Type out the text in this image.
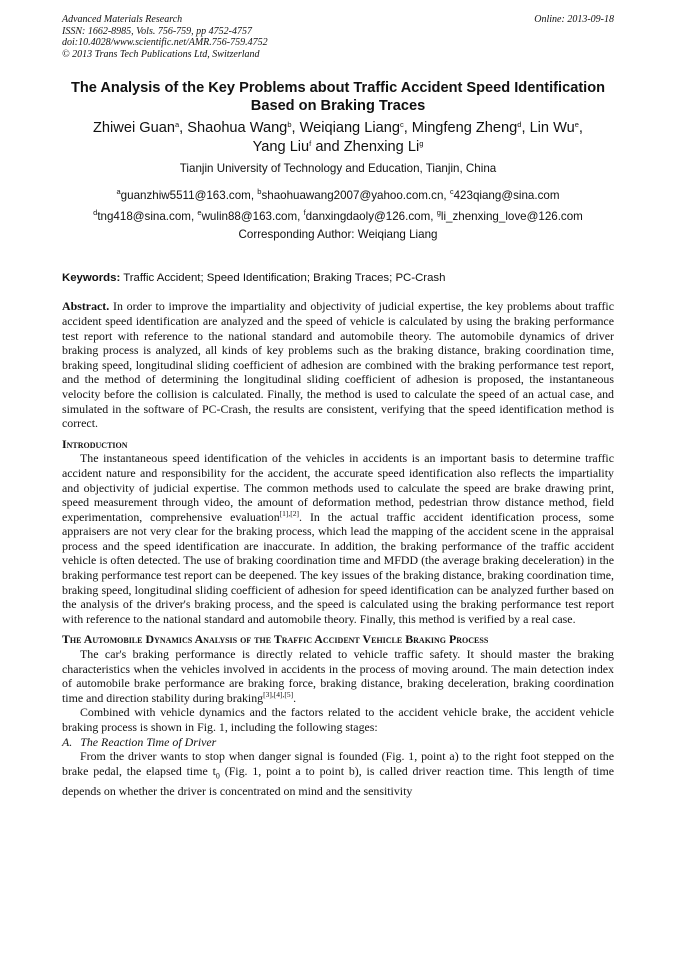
Advanced Materials Research	Online: 2013-09-18
ISSN: 1662-8985, Vols. 756-759, pp 4752-4757
doi:10.4028/www.scientific.net/AMR.756-759.4752
© 2013 Trans Tech Publications Ltd, Switzerland
The Analysis of the Key Problems about Traffic Accident Speed Identification Based on Braking Traces
Zhiwei Guan$^a$, Shaohua Wang$^b$, Weiqiang Liang$^c$, Mingfeng Zheng$^d$, Lin Wu$^e$,
Yang Liu$^f$ and Zhenxing Li$^g$
Tianjin University of Technology and Education, Tianjin, China
$^a$guanzhiw5511@163.com, $^b$shaohuawang2007@yahoo.com.cn, $^c$423qiang@sina.com
$^d$tng418@sina.com, $^e$wulin88@163.com, $^f$danxingdaoly@126.com, $^g$li_zhenxing_love@126.com
Corresponding Author: Weiqiang Liang
Keywords: Traffic Accident; Speed Identification; Braking Traces; PC-Crash
Abstract. In order to improve the impartiality and objectivity of judicial expertise, the key problems about traffic accident speed identification are analyzed and the speed of vehicle is calculated by using the braking performance test report with reference to the national standard and automobile theory. The automobile dynamics of driver braking process is analyzed, all kinds of key problems such as the braking distance, braking coordination time, braking speed, longitudinal sliding coefficient of adhesion are combined with the braking performance test report, and the method of determining the longitudinal sliding coefficient of adhesion is proposed, the instantaneous velocity before the collision is calculated. Finally, the method is used to calculate the speed of an actual case, and simulated in the software of PC-Crash, the results are consistent, verifying that the speed identification method is correct.
Introduction

The instantaneous speed identification of the vehicles in accidents is an important basis to determine traffic accident nature and responsibility for the accident, the accurate speed identification also reflects the impartiality and objectivity of judicial expertise. The common methods used to calculate the speed are brake drawing print, speed measurement through video, the amount of deformation method, pedestrian throw distance method, field experimentation, comprehensive evaluation[1],[2]. In the actual traffic accident identification process, some appraisers are not very clear for the braking process, which lead the mapping of the accident scene in the appraisal process and the speed identification are inaccurate. In addition, the braking performance of the traffic accident vehicle is often detected. The use of braking coordination time and MFDD (the average braking deceleration) in the braking performance test report can be deepened. The key issues of the braking distance, braking coordination time, braking speed, longitudinal sliding coefficient of adhesion for speed identification can be analyzed further based on the analysis of the driver's braking process, and the speed is calculated using the braking performance test report with reference to the national standard and automobile theory. Finally, this method is verified by a real case.

The Automobile Dynamics Analysis of the Traffic Accident Vehicle Braking Process

The car's braking performance is directly related to vehicle traffic safety. It should master the braking characteristics when the vehicles involved in accidents in the process of moving around. The main detection index of automobile brake performance are braking force, braking distance, braking deceleration, braking coordination time and direction stability during braking[3],[4],[5].

Combined with vehicle dynamics and the factors related to the accident vehicle brake, the accident vehicle braking process is shown in Fig. 1, including the following stages:

A. The Reaction Time of Driver

From the driver wants to stop when danger signal is founded (Fig. 1, point a) to the right foot stepped on the brake pedal, the elapsed time $t_0$ (Fig. 1, point a to point b), is called driver reaction time. This length of time depends on whether the driver is concentrated on mind and the sensitivity
